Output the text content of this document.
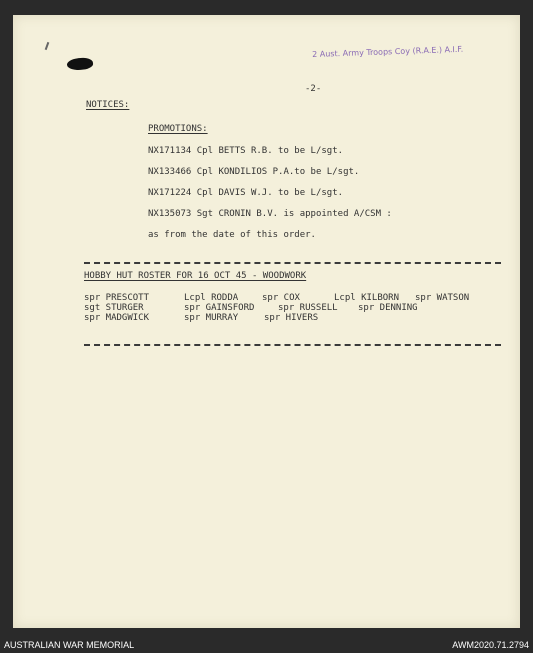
2 Aust. Army Troops Coy (R.A.E.) A.I.F.
-2-
NOTICES:
PROMOTIONS:
NX171134 Cpl BETTS R.B. to be L/sgt.
NX133466 Cpl KONDILIOS P.A.to be L/sgt.
NX171224 Cpl DAVIS W.J. to be L/sgt.
NX135073 Sgt CRONIN B.V. is appointed A/CSM :
as from the date of this order.
HOBBY HUT ROSTER FOR 16 OCT 45 - WOODWORK
spr PRESCOTT	Lcpl RODDA	spr COX	Lcpl KILBORN spr WATSON
sgt STURGER	spr GAINSFORD	spr RUSSELL spr DENNING
spr MADGWICK	spr MURRAY	spr HIVERS
AUSTRALIAN WAR MEMORIAL	AWM2020.71.2794
